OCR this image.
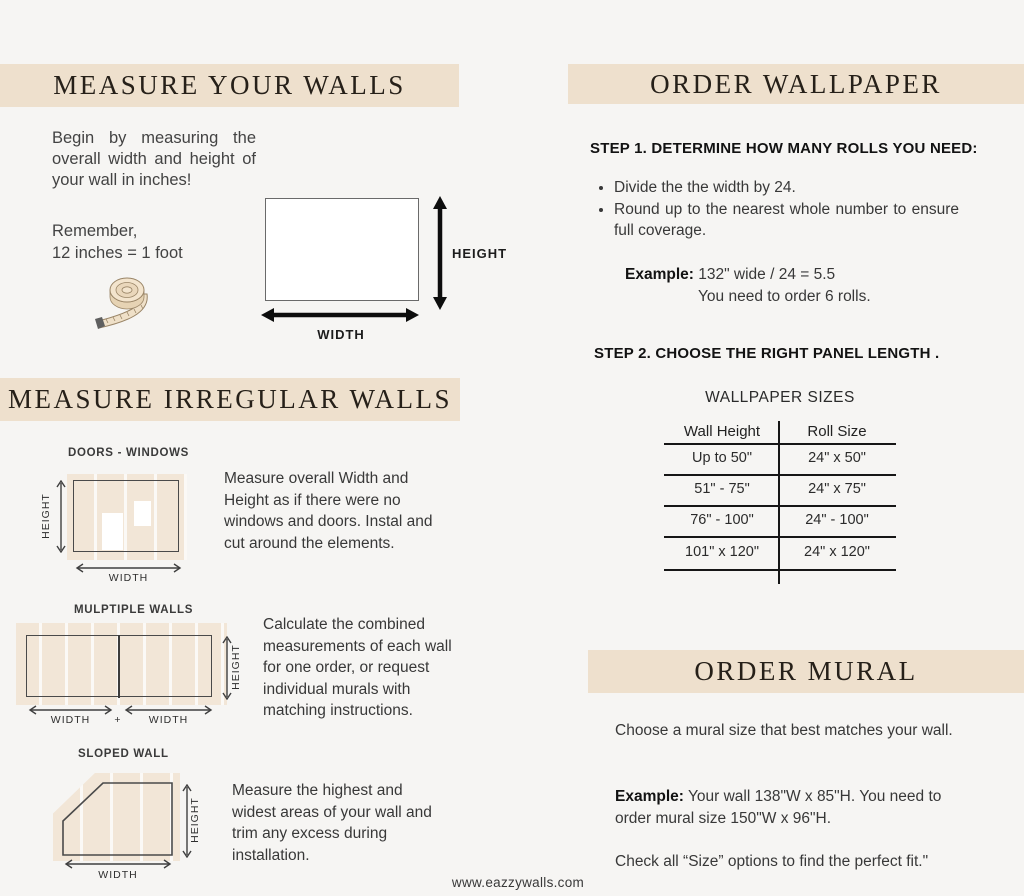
MEASURE YOUR WALLS

Begin by measuring the overall width and height of your wall in inches!

Remember,
12 inches = 1 foot	HEIGHT
WIDTH
MEASURE IRREGULAR WALLS
DOORS - WINDOWS
HEIGHT
WIDTH

Measure overall Width and Height as if there were no windows and doors. Instal and cut around the elements.

MULPTIPLE WALLS
HEIGHT
WIDTH	+	WIDTH

Calculate the combined measurements of each wall for one order, or request individual murals with matching instructions.

SLOPED WALL
HEIGHT
WIDTH

Measure the highest and widest areas of your wall and trim any excess during installation.

ORDER WALLPAPER
STEP 1. DETERMINE HOW MANY ROLLS YOU NEED:
• Divide the the width by 24.
• Round up to the nearest whole number to ensure full coverage.
Example: 132" wide / 24 = 5.5
You need to order 6 rolls.
STEP 2. CHOOSE THE RIGHT PANEL LENGTH .
WALLPAPER SIZES
Wall Height	Roll Size
Up to 50"	24" x 50"
51" - 75"	24" x 75"
76" - 100"	24" - 100"
101" x 120"	24" x 120"
ORDER MURAL

Choose a mural size that best matches your wall.

Example: Your wall 138"W x 85"H. You need to order mural size 150"W x 96"H.

Check all “Size” options to find the perfect fit."
www.eazzywalls.com
